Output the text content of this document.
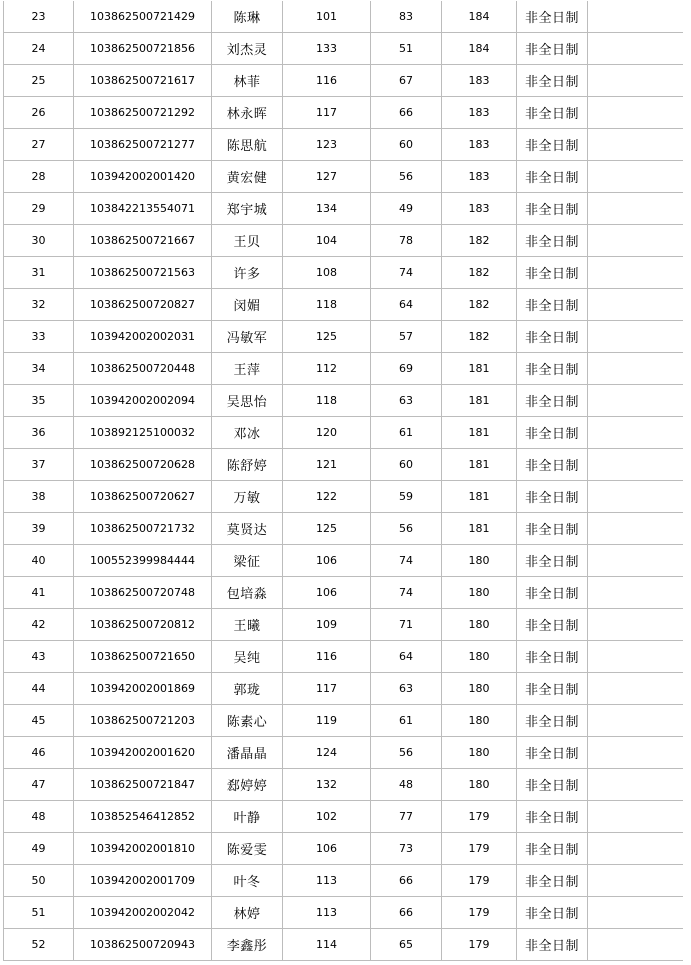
23	103862500721429	陈琳	101	83	184	非全日制	
24	103862500721856	刘杰灵	133	51	184	非全日制	
25	103862500721617	林菲	116	67	183	非全日制	
26	103862500721292	林永晖	117	66	183	非全日制	
27	103862500721277	陈思航	123	60	183	非全日制	
28	103942002001420	黄宏健	127	56	183	非全日制	
29	103842213554071	郑宇城	134	49	183	非全日制	
30	103862500721667	王贝	104	78	182	非全日制	
31	103862500721563	许多	108	74	182	非全日制	
32	103862500720827	闵媚	118	64	182	非全日制	
33	103942002002031	冯敏军	125	57	182	非全日制	
34	103862500720448	王萍	112	69	181	非全日制	
35	103942002002094	吴思怡	118	63	181	非全日制	
36	103892125100032	邓冰	120	61	181	非全日制	
37	103862500720628	陈舒婷	121	60	181	非全日制	
38	103862500720627	万敏	122	59	181	非全日制	
39	103862500721732	莫贤达	125	56	181	非全日制	
40	100552399984444	梁征	106	74	180	非全日制	
41	103862500720748	包培淼	106	74	180	非全日制	
42	103862500720812	王曦	109	71	180	非全日制	
43	103862500721650	吴纯	116	64	180	非全日制	
44	103942002001869	郭珑	117	63	180	非全日制	
45	103862500721203	陈素心	119	61	180	非全日制	
46	103942002001620	潘晶晶	124	56	180	非全日制	
47	103862500721847	郄婷婷	132	48	180	非全日制	
48	103852546412852	叶静	102	77	179	非全日制	
49	103942002001810	陈爱雯	106	73	179	非全日制	
50	103942002001709	叶冬	113	66	179	非全日制	
51	103942002002042	林婷	113	66	179	非全日制	
52	103862500720943	李鑫彤	114	65	179	非全日制	
